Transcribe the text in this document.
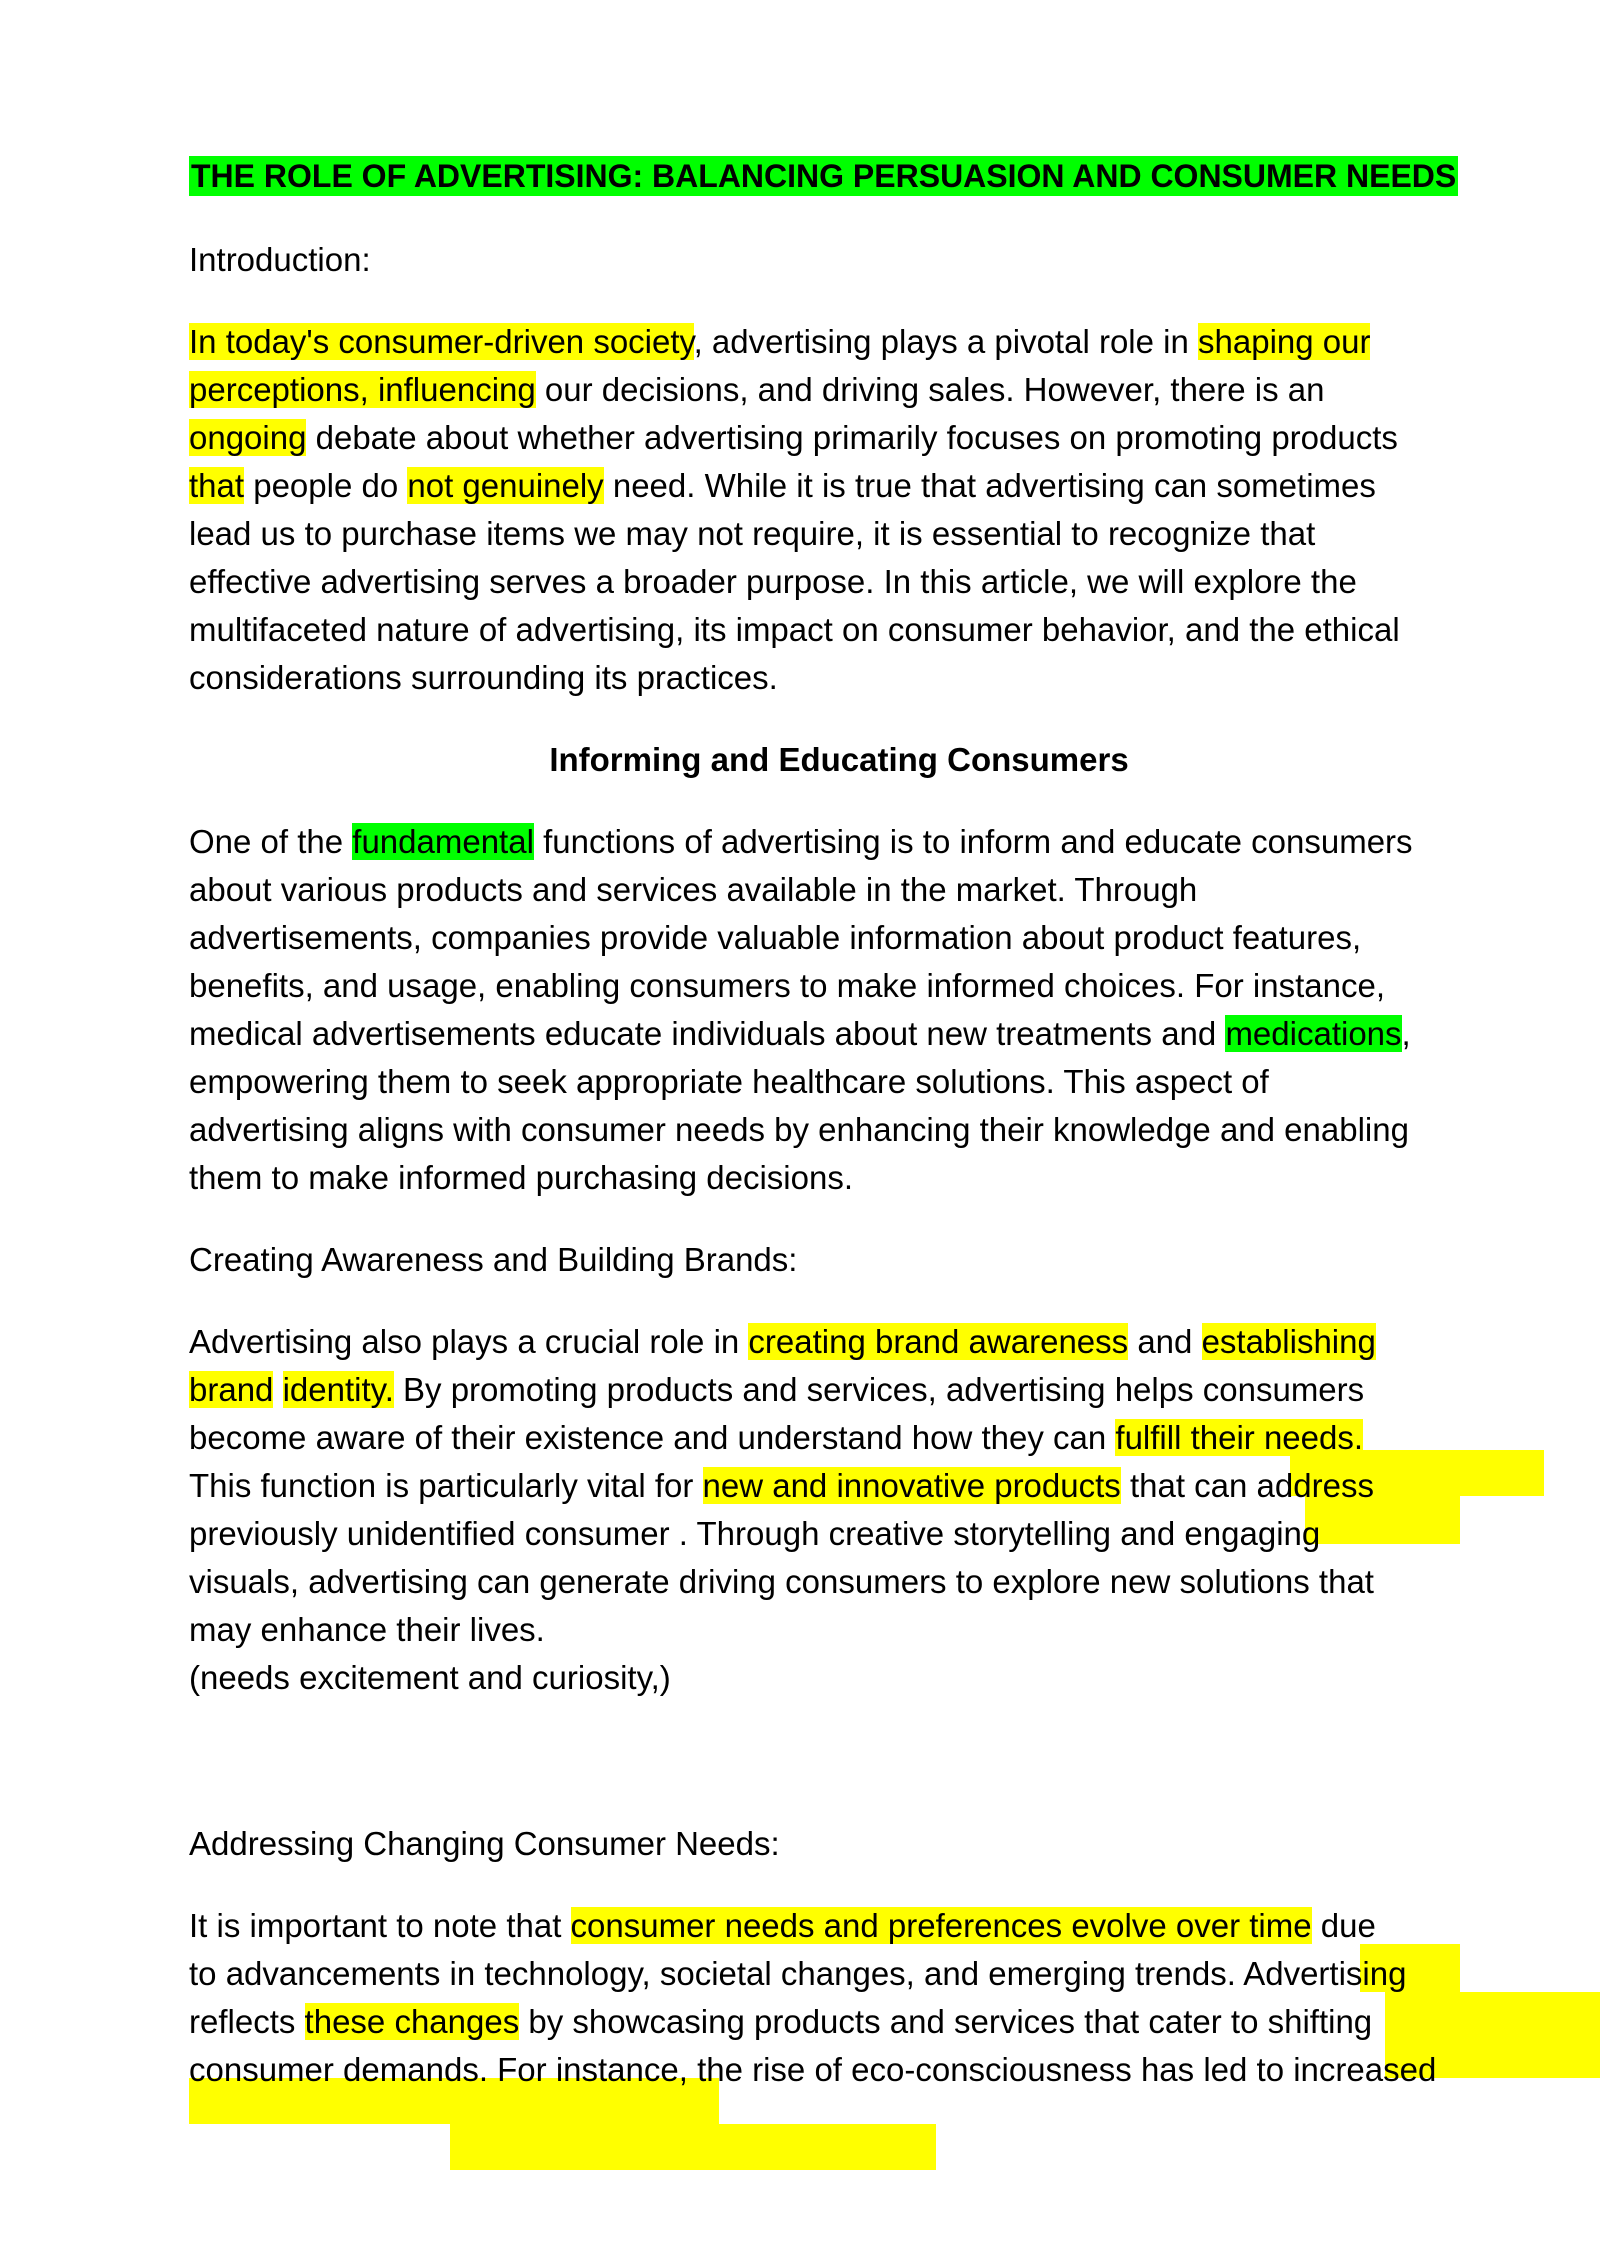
THE ROLE OF ADVERTISING: BALANCING PERSUASION AND CONSUMER NEEDS
Introduction:
In today's consumer-driven society, advertising plays a pivotal role in shaping our
perceptions, influencing our decisions, and driving sales. However, there is an
ongoing debate about whether advertising primarily focuses on promoting products
that people do not genuinely need. While it is true that advertising can sometimes
lead us to purchase items we may not require, it is essential to recognize that
effective advertising serves a broader purpose. In this article, we will explore the
multifaceted nature of advertising, its impact on consumer behavior, and the ethical
considerations surrounding its practices.
Informing and Educating Consumers
One of the fundamental functions of advertising is to inform and educate consumers
about various products and services available in the market. Through
advertisements, companies provide valuable information about product features,
benefits, and usage, enabling consumers to make informed choices. For instance,
medical advertisements educate individuals about new treatments and medications,
empowering them to seek appropriate healthcare solutions. This aspect of
advertising aligns with consumer needs by enhancing their knowledge and enabling
them to make informed purchasing decisions.
Creating Awareness and Building Brands:
Advertising also plays a crucial role in creating brand awareness and establishing
brand identity. By promoting products and services, advertising helps consumers
become aware of their existence and understand how they can fulfill their needs.
This function is particularly vital for new and innovative products that can address
previously unidentified consumer . Through creative storytelling and engaging
visuals, advertising can generate driving consumers to explore new solutions that
may enhance their lives.
(needs excitement and curiosity,)
Addressing Changing Consumer Needs:
It is important to note that consumer needs and preferences evolve over time due
to advancements in technology, societal changes, and emerging trends. Advertising
reflects these changes by showcasing products and services that cater to shifting
consumer demands. For instance, the rise of eco-consciousness has led to increased
